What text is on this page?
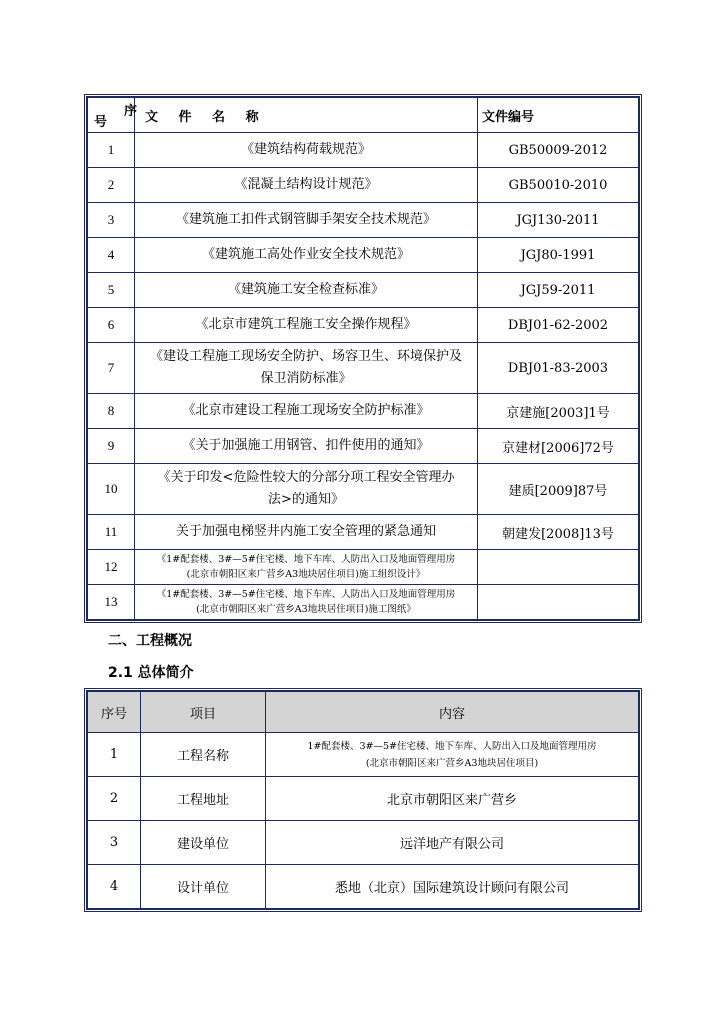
序
号	文 件 名 称	文件编号
1	《建筑结构荷载规范》	GB50009-2012
2	《混凝土结构设计规范》	GB50010-2010
3	《建筑施工扣件式钢管脚手架安全技术规范》	JGJ130-2011
4	《建筑施工高处作业安全技术规范》	JGJ80-1991
5	《建筑施工安全检查标准》	JGJ59-2011
6	《北京市建筑工程施工安全操作规程》	DBJ01-62-2002
7	《建设工程施工现场安全防护、场容卫生、环境保护及
保卫消防标准》	DBJ01-83-2003
8	《北京市建设工程施工现场安全防护标准》	京建施[2003]1号
9	《关于加强施工用钢管、扣件使用的通知》	京建材[2006]72号
10	《关于印发<危险性较大的分部分项工程安全管理办
法>的通知》	建质[2009]87号
11	关于加强电梯竖井内施工安全管理的紧急通知	朝建发[2008]13号
12	《1#配套楼、3#—5#住宅楼、地下车库、人防出入口及地面管理用房
(北京市朝阳区来广营乡A3地块居住项目)施工组织设计》	

13	《1#配套楼、3#—5#住宅楼、地下车库、人防出入口及地面管理用房
(北京市朝阳区来广营乡A3地块居住项目)施工图纸》	

二、工程概况
2.1 总体简介
序号	项目	内容
1	工程名称	1#配套楼、3#—5#住宅楼、地下车库、人防出入口及地面管理用房
(北京市朝阳区来广营乡A3地块居住项目)

2	工程地址	北京市朝阳区来广营乡
3	建设单位	远洋地产有限公司
4	设计单位	悉地（北京）国际建筑设计顾问有限公司
